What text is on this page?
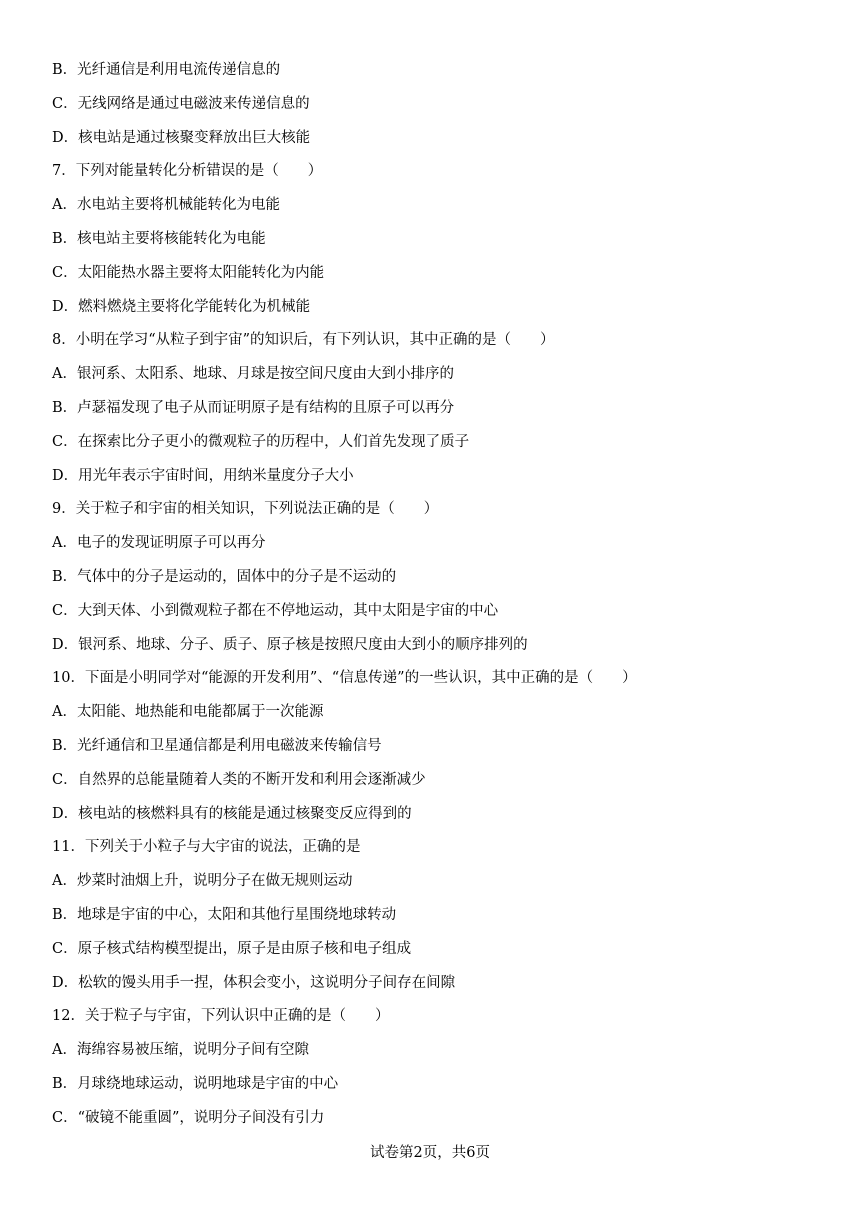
B．光纤通信是利用电流传递信息的
C．无线网络是通过电磁波来传递信息的
D．核电站是通过核聚变释放出巨大核能
7．下列对能量转化分析错误的是（　　）
A．水电站主要将机械能转化为电能
B．核电站主要将核能转化为电能
C．太阳能热水器主要将太阳能转化为内能
D．燃料燃烧主要将化学能转化为机械能
8．小明在学习“从粒子到宇宙”的知识后，有下列认识，其中正确的是（　　）
A．银河系、太阳系、地球、月球是按空间尺度由大到小排序的
B．卢瑟福发现了电子从而证明原子是有结构的且原子可以再分
C．在探索比分子更小的微观粒子的历程中，人们首先发现了质子
D．用光年表示宇宙时间，用纳米量度分子大小
9．关于粒子和宇宙的相关知识，下列说法正确的是（　　）
A．电子的发现证明原子可以再分
B．气体中的分子是运动的，固体中的分子是不运动的
C．大到天体、小到微观粒子都在不停地运动，其中太阳是宇宙的中心
D．银河系、地球、分子、质子、原子核是按照尺度由大到小的顺序排列的
10．下面是小明同学对“能源的开发利用”、“信息传递”的一些认识，其中正确的是（　　）
A．太阳能、地热能和电能都属于一次能源
B．光纤通信和卫星通信都是利用电磁波来传输信号
C．自然界的总能量随着人类的不断开发和利用会逐渐减少
D．核电站的核燃料具有的核能是通过核聚变反应得到的
11．下列关于小粒子与大宇宙的说法，正确的是
A．炒菜时油烟上升，说明分子在做无规则运动
B．地球是宇宙的中心，太阳和其他行星围绕地球转动
C．原子核式结构模型提出，原子是由原子核和电子组成
D．松软的馒头用手一捏，体积会变小，这说明分子间存在间隙
12．关于粒子与宇宙，下列认识中正确的是（　　）
A．海绵容易被压缩，说明分子间有空隙
B．月球绕地球运动，说明地球是宇宙的中心
C．“破镜不能重圆”，说明分子间没有引力
试卷第2页，共6页
